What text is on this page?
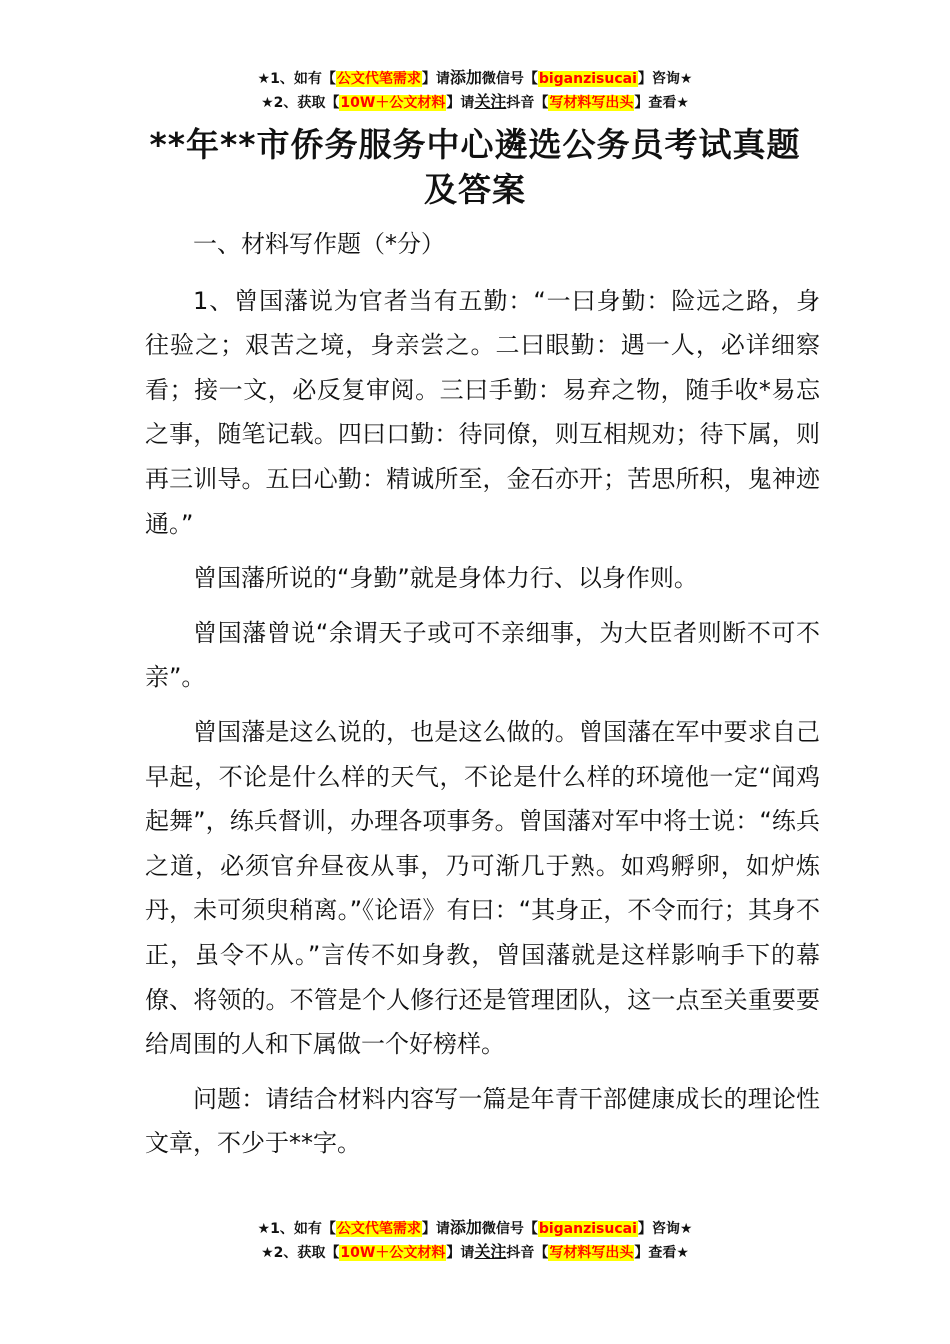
★1、如有【公文代笔需求】请添加微信号【biganzisucai】咨询★
★2、获取【10W＋公文材料】请关注抖音【写材料写出头】查看★
**年**市侨务服务中心遴选公务员考试真题
及答案

一、材料写作题（*分）

1、曾国藩说为官者当有五勤：“一曰身勤：险远之路，身往验之；艰苦之境，身亲尝之。二曰眼勤：遇一人，必详细察看；接一文，必反复审阅。三曰手勤：易弃之物，随手收*易忘之事，随笔记载。四曰口勤：待同僚，则互相规劝；待下属，则再三训导。五曰心勤：精诚所至，金石亦开；苦思所积，鬼神迹通。”

曾国藩所说的“身勤”就是身体力行、以身作则。

曾国藩曾说“余谓天子或可不亲细事，为大臣者则断不可不亲”。

曾国藩是这么说的，也是这么做的。曾国藩在军中要求自己早起，不论是什么样的天气，不论是什么样的环境他一定“闻鸡起舞”，练兵督训，办理各项事务。曾国藩对军中将士说：“练兵之道，必须官弁昼夜从事，乃可渐几于熟。如鸡孵卵，如炉炼丹，未可须臾稍离。”《论语》有曰：“其身正，不令而行；其身不正，虽令不从。”言传不如身教，曾国藩就是这样影响手下的幕僚、将领的。不管是个人修行还是管理团队，这一点至关重要要给周围的人和下属做一个好榜样。

问题：请结合材料内容写一篇是年青干部健康成长的理论性文章，不少于**字。

★1、如有【公文代笔需求】请添加微信号【biganzisucai】咨询★
★2、获取【10W＋公文材料】请关注抖音【写材料写出头】查看★
